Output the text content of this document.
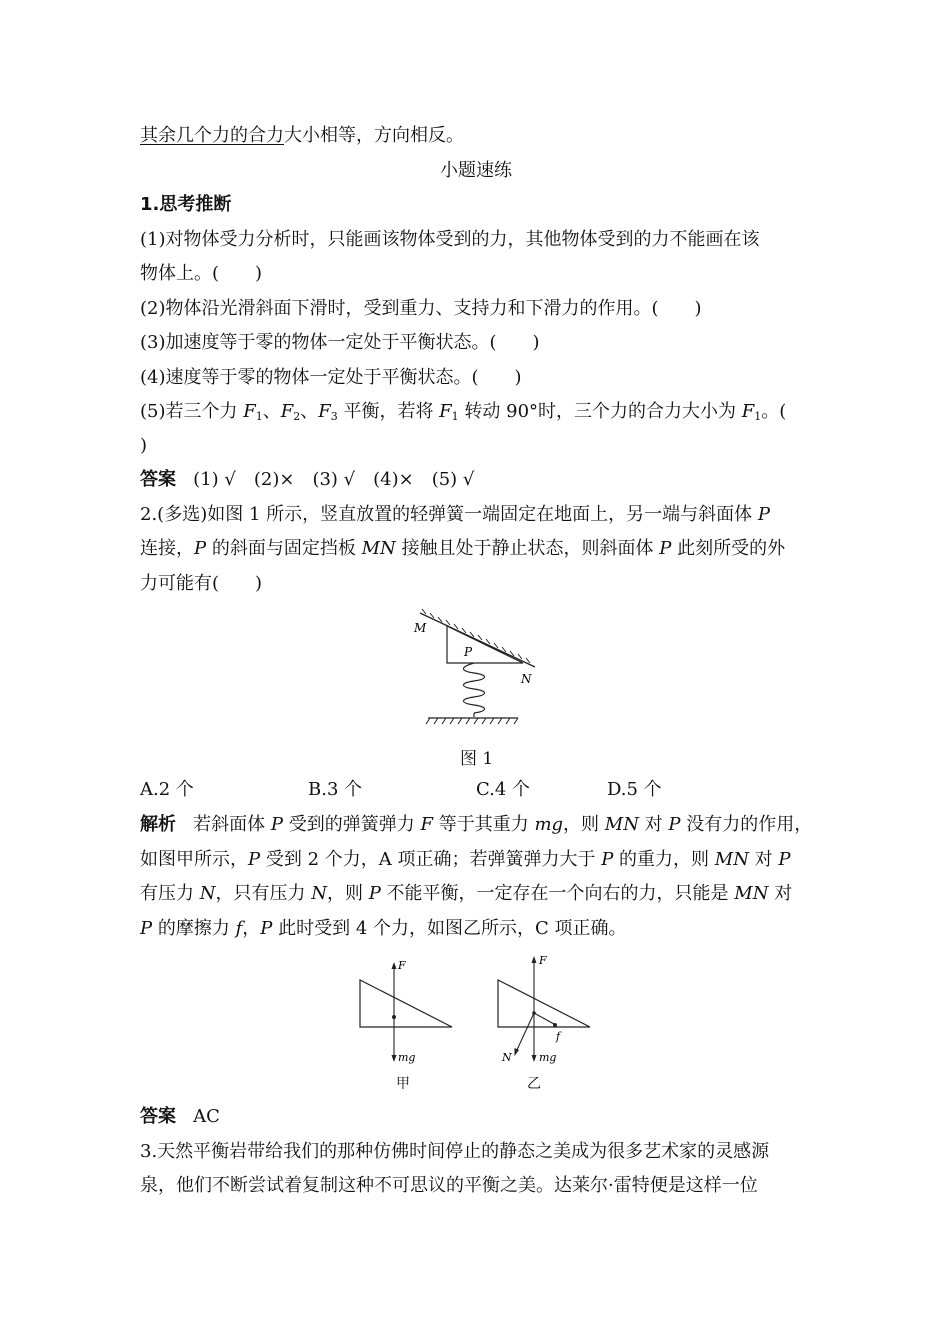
其余几个力的合力大小相等，方向相反。
小题速练
1.思考推断
(1)对物体受力分析时，只能画该物体受到的力，其他物体受到的力不能画在该
物体上。(　　)
(2)物体沿光滑斜面下滑时，受到重力、支持力和下滑力的作用。(　　)
(3)加速度等于零的物体一定处于平衡状态。(　　)
(4)速度等于零的物体一定处于平衡状态。(　　)
(5)若三个力 $F_1$、$F_2$、$F_3$ 平衡，若将 $F_1$ 转动 90°时，三个力的合力大小为 $F_1$。(
)
答案 (1) √　(2)×　(3) √　(4)×　(5) √
2.(多选)如图 1 所示，竖直放置的轻弹簧一端固定在地面上，另一端与斜面体 P
连接，P 的斜面与固定挡板 MN 接触且处于静止状态，则斜面体 P 此刻所受的外
力可能有(　　)
M
N
P
图 1
A.2 个	B.3 个	C.4 个	D.5 个
解析 若斜面体 P 受到的弹簧弹力 F 等于其重力 mg，则 MN 对 P 没有力的作用，
如图甲所示，P 受到 2 个力，A 项正确；若弹簧弹力大于 P 的重力，则 MN 对 P
有压力 N，只有压力 N，则 P 不能平衡，一定存在一个向右的力，只能是 MN 对
P 的摩擦力 f，P 此时受到 4 个力，如图乙所示，C 项正确。
F
mg
甲
F
mg
N
f
乙
答案 AC
3.天然平衡岩带给我们的那种仿佛时间停止的静态之美成为很多艺术家的灵感源
泉，他们不断尝试着复制这种不可思议的平衡之美。达莱尔·雷特便是这样一位
